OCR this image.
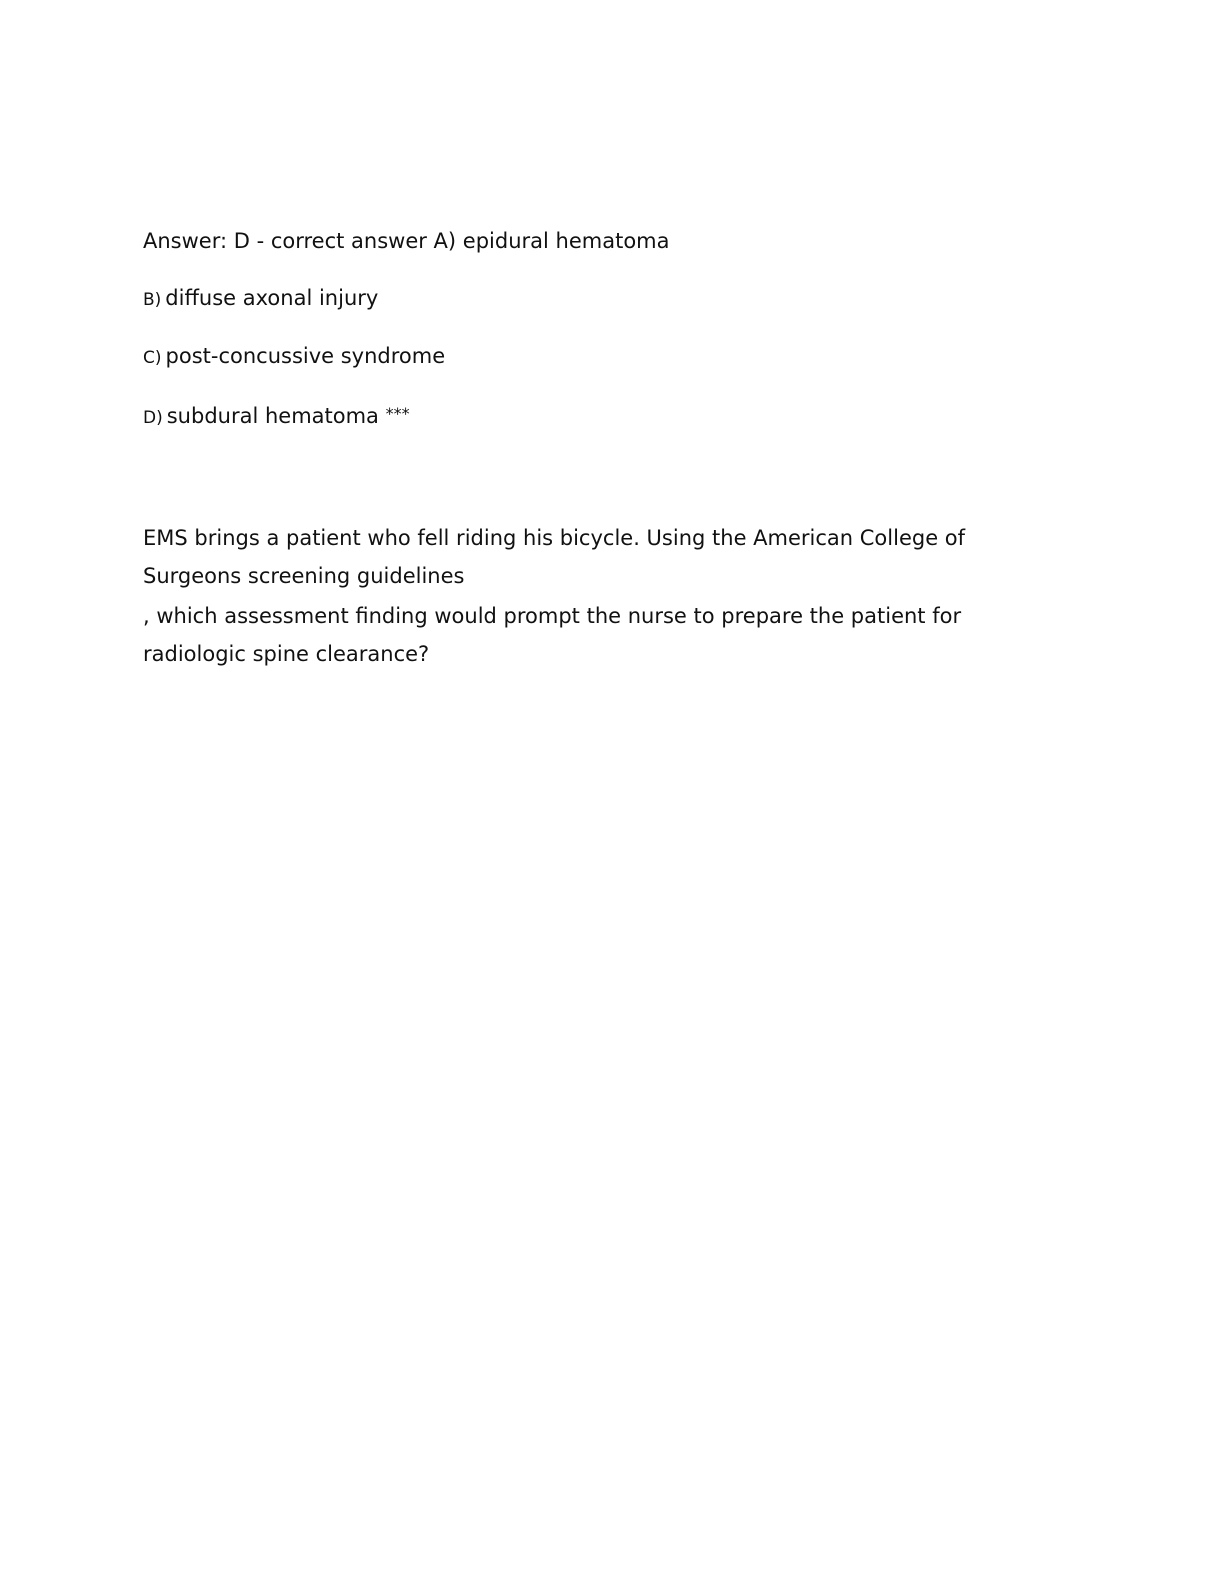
Answer: D - correct answer A) epidural hematoma
B) diffuse axonal injury
C) post-concussive syndrome
D) subdural hematoma ***
EMS brings a patient who fell riding his bicycle. Using the American College of
Surgeons screening guidelines
, which assessment finding would prompt the nurse to prepare the patient for
radiologic spine clearance?
